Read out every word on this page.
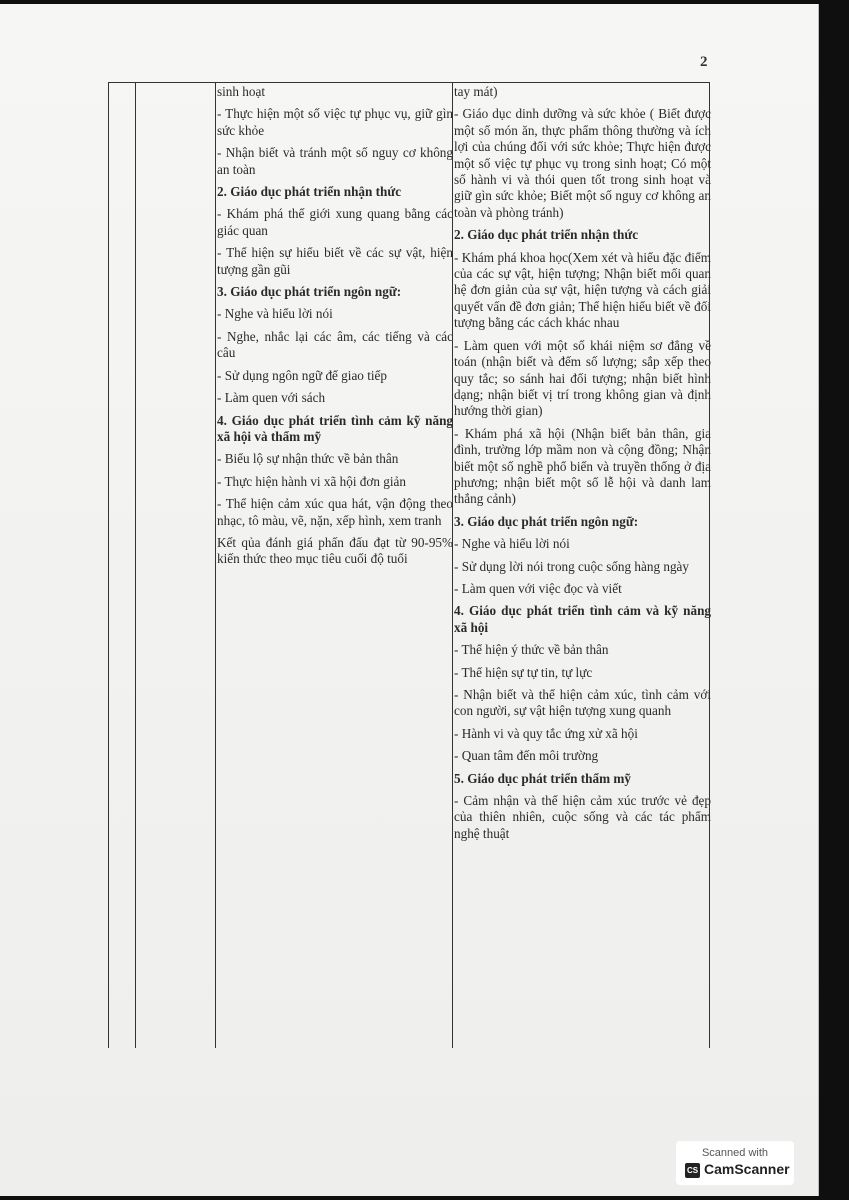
2
sinh hoạt
- Thực hiện một số việc tự phục vụ, giữ gìn sức khỏe
- Nhận biết và tránh một số nguy cơ không an toàn
2. Giáo dục phát triển nhận thức
- Khám phá thế giới xung quang bằng các giác quan
- Thể hiện sự hiểu biết về các sự vật, hiện tượng gần gũi
3. Giáo dục phát triển ngôn ngữ:
- Nghe và hiểu lời nói
- Nghe, nhắc lại các âm, các tiếng và các câu
- Sử dụng ngôn ngữ để giao tiếp
- Làm quen với sách
4. Giáo dục phát triển tình cảm kỹ năng xã hội và thẩm mỹ
- Biểu lộ sự nhận thức về bản thân
- Thực hiện hành vi xã hội đơn giản
- Thể hiện cảm xúc qua hát, vận động theo nhạc, tô màu, vẽ, nặn, xếp hình, xem tranh
Kết qủa đánh giá phấn đấu đạt từ 90-95% kiến thức theo mục tiêu cuối độ tuổi
tay mát)
- Giáo dục dinh dưỡng và sức khỏe ( Biết được một số món ăn, thực phẩm thông thường và ích lợi của chúng đối với sức khỏe; Thực hiện được một số việc tự phục vụ trong sinh hoạt; Có một số hành vi và thói quen tốt trong sinh hoạt và giữ gìn sức khỏe; Biết một số nguy cơ không an toàn và phòng tránh)
2. Giáo dục phát triển nhận thức
- Khám phá khoa học(Xem xét và hiểu đặc điểm của các sự vật, hiện tượng; Nhận biết mối quan hệ đơn giản của sự vật, hiện tượng và cách giải quyết vấn đề đơn giản; Thể hiện hiểu biết về đối tượng bằng các cách khác nhau
- Làm quen với một số khái niệm sơ đẳng về toán (nhận biết và đếm số lượng; sắp xếp theo quy tắc; so sánh hai đối tượng; nhận biết hình dạng; nhận biết vị trí trong không gian và định hướng thời gian)
- Khám phá xã hội (Nhận biết bản thân, gia đình, trường lớp mầm non và cộng đồng; Nhận biết một số nghề phổ biến và truyền thống ở địa phương; nhận biết một số lễ hội và danh lam thắng cảnh)
3. Giáo dục phát triển ngôn ngữ:
- Nghe và hiểu lời nói
- Sử dụng lời nói trong cuộc sống hàng ngày
- Làm quen với việc đọc và viết
4. Giáo dục phát triển tình cảm và kỹ năng xã hội
- Thể hiện ý thức về bản thân
- Thể hiện sự tự tin, tự lực
- Nhận biết và thể hiện cảm xúc, tình cảm với con người, sự vật hiện tượng xung quanh
- Hành vi và quy tắc ứng xử xã hội
- Quan tâm đến môi trường
5. Giáo dục phát triển thẩm mỹ
- Cảm nhận và thể hiện cảm xúc trước vẻ đẹp của thiên nhiên, cuộc sống và các tác phẩm nghệ thuật
Scanned with
CS CamScanner
